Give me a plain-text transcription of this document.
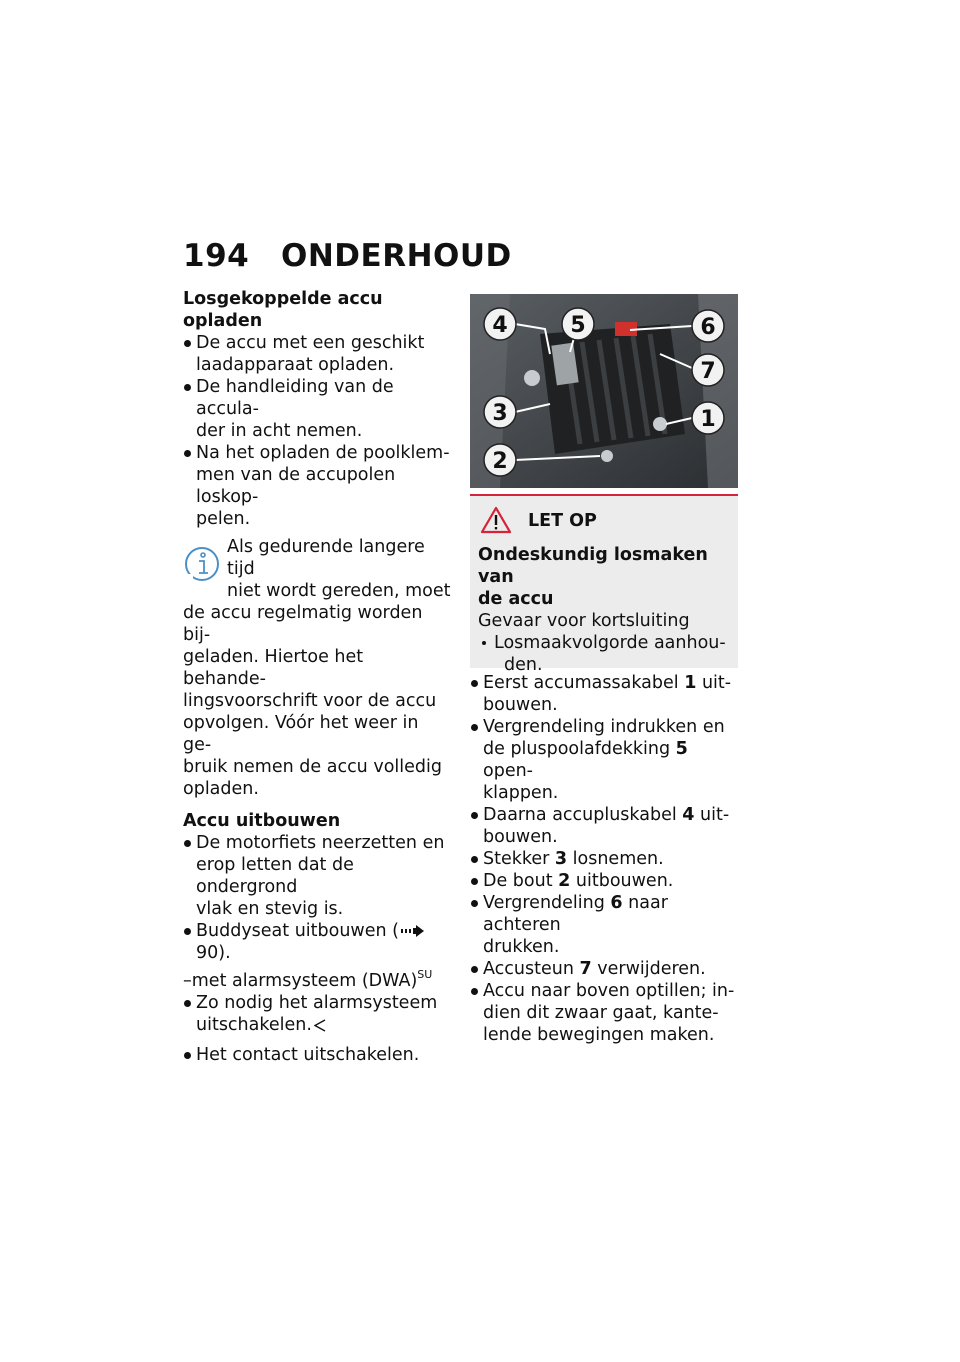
194 ONDERHOUD
Losgekoppelde accu opladen
De accu met een geschikt
laadapparaat opladen.
De handleiding van de accula-
der in acht nemen.
Na het opladen de poolklem-
men van de accupolen loskop-
pelen.
Als gedurende langere tijd
niet wordt gereden, moet
de accu regelmatig worden bij-
geladen. Hiertoe het behande-
lingsvoorschrift voor de accu
opvolgen. Vóór het weer in ge-
bruik nemen de accu volledig
opladen.
Accu uitbouwen
De motorfiets neerzetten en
erop letten dat de ondergrond
vlak en stevig is.
Buddyseat uitbouwen (90).
–met alarmsysteem (DWA)$^{SU}$
Zo nodig het alarmsysteem
uitschakelen.
Het contact uitschakelen.
4	5	6
7
3	1
2
LET OP
Ondeskundig losmaken van
de accu
Gevaar voor kortsluiting
Losmaakvolgorde aanhou-
den.
Eerst accumassakabel 1 uit-
bouwen.
Vergrendeling indrukken en
de pluspoolafdekking 5 open-
klappen.
Daarna accupluskabel 4 uit-
bouwen.
Stekker 3 losnemen.
De bout 2 uitbouwen.
Vergrendeling 6 naar achteren
drukken.
Accusteun 7 verwijderen.
Accu naar boven optillen; in-
dien dit zwaar gaat, kante-
lende bewegingen maken.
